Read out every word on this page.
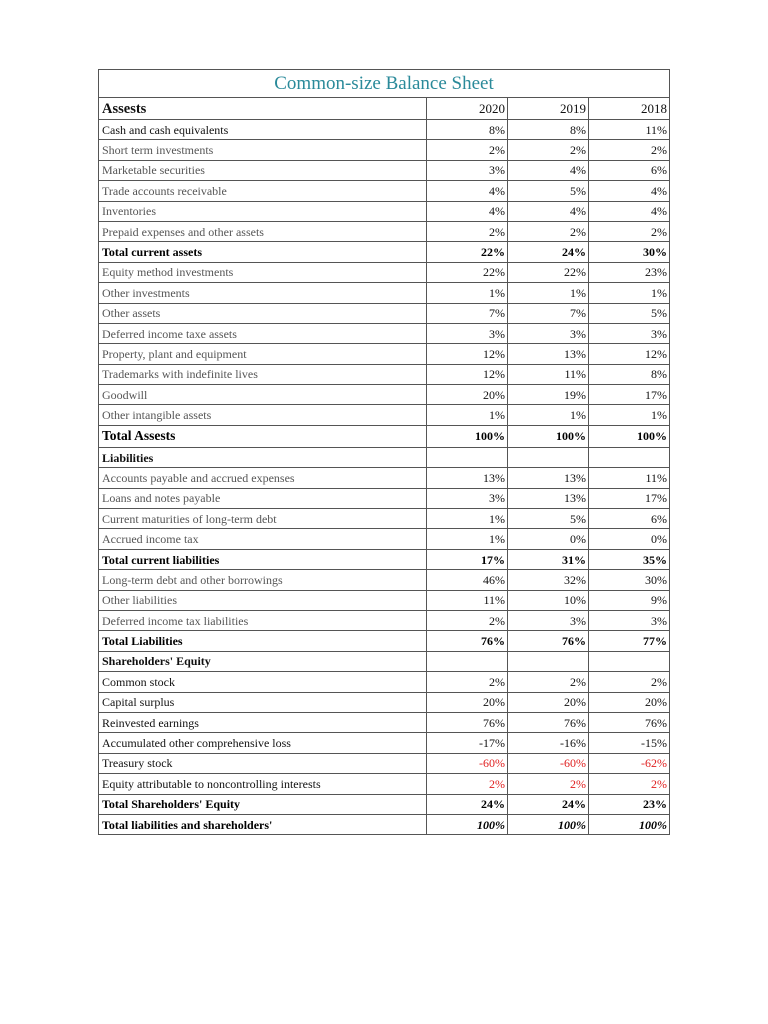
Common-size Balance Sheet			
Assests	2020	2019	2018
Cash and cash equivalents	8%	8%	11%
Short term investments	2%	2%	2%
Marketable securities	3%	4%	6%
Trade accounts receivable	4%	5%	4%
Inventories	4%	4%	4%
Prepaid expenses and other assets	2%	2%	2%
Total current assets	22%	24%	30%
Equity method investments	22%	22%	23%
Other investments	1%	1%	1%
Other assets	7%	7%	5%
Deferred income taxe assets	3%	3%	3%
Property, plant and equipment	12%	13%	12%
Trademarks with indefinite lives	12%	11%	8%
Goodwill	20%	19%	17%
Other intangible assets	1%	1%	1%
Total Assests	100%	100%	100%
Liabilities			
Accounts payable and accrued expenses	13%	13%	11%
Loans and notes payable	3%	13%	17%
Current maturities of long-term debt	1%	5%	6%
Accrued income tax	1%	0%	0%
Total current liabilities	17%	31%	35%
Long-term debt and other borrowings	46%	32%	30%
Other liabilities	11%	10%	9%
Deferred income tax liabilities	2%	3%	3%
Total Liabilities	76%	76%	77%
Shareholders' Equity			
Common stock	2%	2%	2%
Capital surplus	20%	20%	20%
Reinvested earnings	76%	76%	76%
Accumulated other comprehensive loss	-17%	-16%	-15%
Treasury stock	-60%	-60%	-62%
Equity attributable to noncontrolling interests	2%	2%	2%
Total Shareholders' Equity	24%	24%	23%
Total liabilities and shareholders'	100%	100%	100%
